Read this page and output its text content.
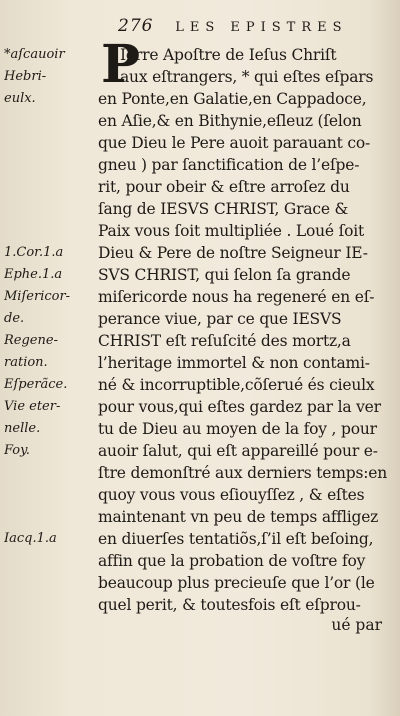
276 LES EPISTRES
P
*aſcauoir
Hebri-
eulx.
1.Cor.1.a
Ephe.1.a
Miſericor-
de.
Regene-
ration.
Eſperãce.
Vie eter-
nelle.
Foy.
Iacq.1.a
Ierre Apoſtre de Ieſus Chriſt
aux eſtrangers, * qui eſtes eſpars
en Ponte,en Galatie,en Cappadoce,
en Aſie,& en Bithynie,eſleuz (ſelon
que Dieu le Pere auoit parauant co-
gneu ) par ſanctification de l’eſpe-
rit, pour obeir & eſtre arroſez du
ſang de IESVS CHRIST, Grace &
Paix vous ſoit multipliée . Loué ſoit
Dieu & Pere de noſtre Seigneur IE-
SVS CHRIST, qui ſelon ſa grande
miſericorde nous ha regeneré en eſ-
perance viue, par ce que IESVS
CHRIST eſt reſuſcité des mortz,a
l’heritage immortel & non contami-
né & incorruptible,cõſerué és cieulx
pour vous,qui eſtes gardez par la ver
tu de Dieu au moyen de la foy , pour
auoir ſalut, qui eſt appareillé pour e-
ſtre demonſtré aux derniers temps:en
quoy vous vous eſiouyſſez , & eſtes
maintenant vn peu de temps affligez
en diuerſes tentatiõs,ſ’il eſt beſoing,
affin que la probation de voſtre foy
beaucoup plus precieuſe que l’or (le
quel perit, & toutesfois eſt eſprou-
ué par
